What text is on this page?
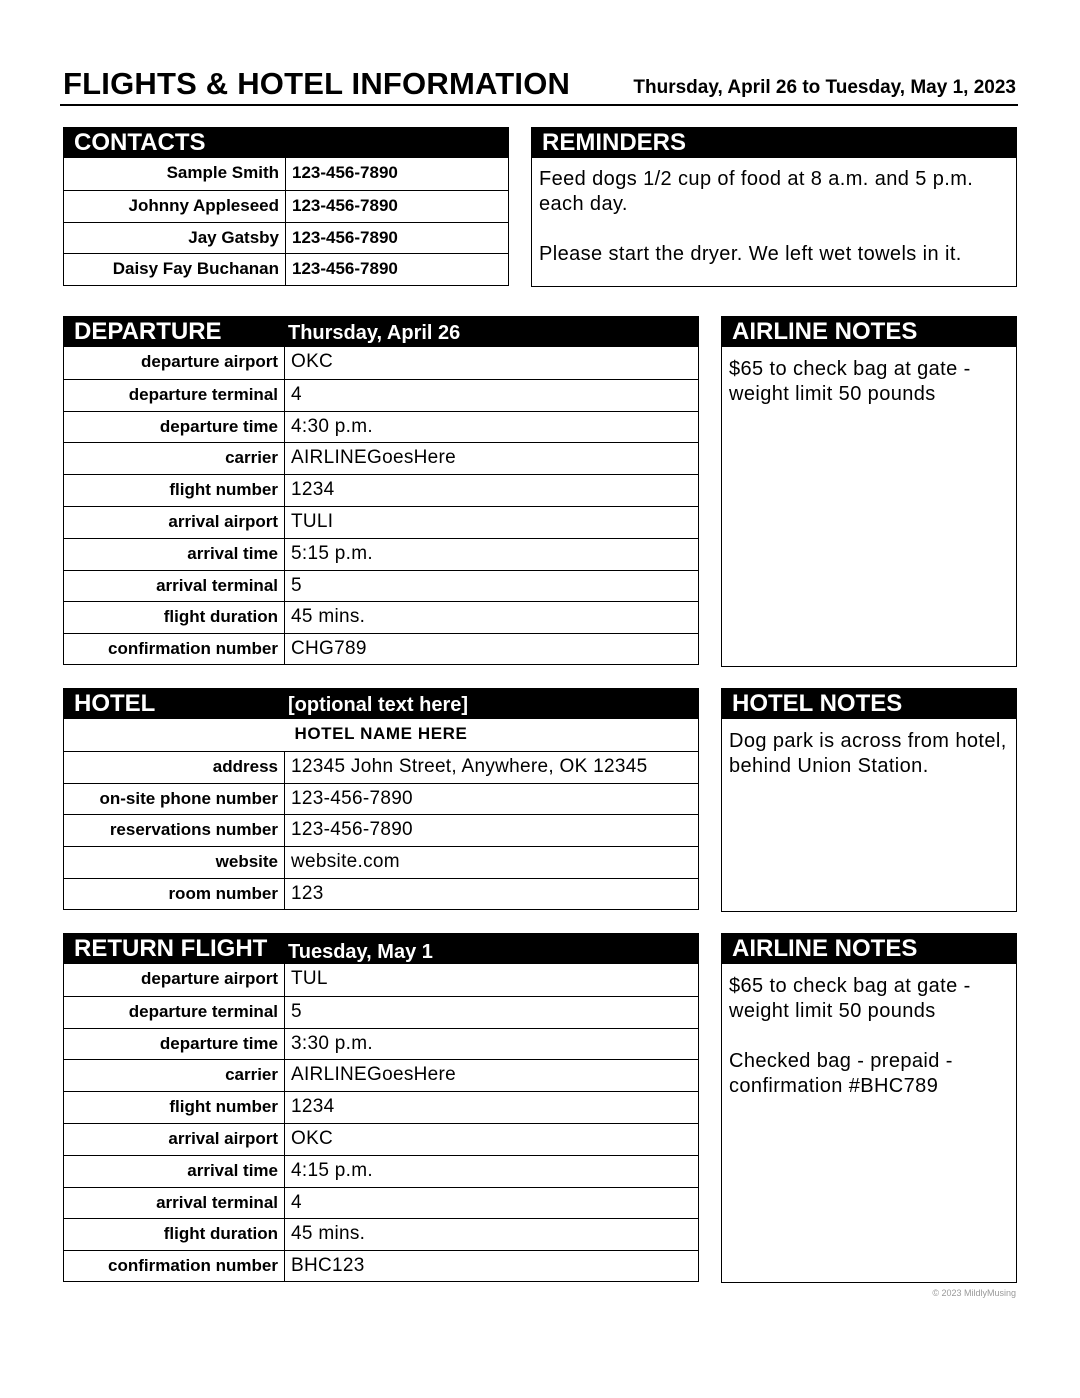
FLIGHTS & HOTEL INFORMATION	Thursday, April 26 to Tuesday, May 1, 2023
CONTACTS
Sample Smith 123-456-7890
Johnny Appleseed 123-456-7890
Jay Gatsby 123-456-7890
Daisy Fay Buchanan 123-456-7890
REMINDERS
Feed dogs 1/2 cup of food at 8 a.m. and 5 p.m. each day.

Please start the dryer. We left wet towels in it.
DEPARTURE	Thursday, April 26
departure airport OKC
departure terminal 4
departure time 4:30 p.m.
carrier AIRLINEGoesHere
flight number 1234
arrival airport TULI
arrival time 5:15 p.m.
arrival terminal 5
flight duration 45 mins.
confirmation number CHG789
AIRLINE NOTES
$65 to check bag at gate - weight limit 50 pounds
HOTEL	[optional text here]
HOTEL NAME HERE
address 12345 John Street, Anywhere, OK 12345
on-site phone number 123-456-7890
reservations number 123-456-7890
website website.com
room number 123
HOTEL NOTES
Dog park is across from hotel, behind Union Station.
RETURN FLIGHT Tuesday, May 1
departure airport TUL
departure terminal 5
departure time 3:30 p.m.
carrier AIRLINEGoesHere
flight number 1234
arrival airport OKC
arrival time 4:15 p.m.
arrival terminal 4
flight duration 45 mins.
confirmation number BHC123
AIRLINE NOTES
$65 to check bag at gate - weight limit 50 pounds

Checked bag - prepaid - confirmation #BHC789
© 2023 MildlyMusing
